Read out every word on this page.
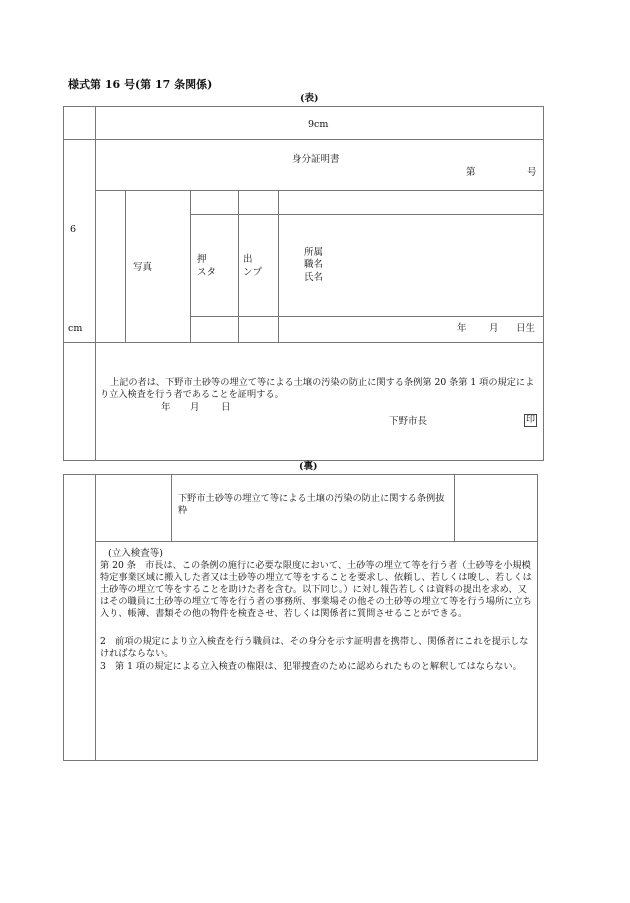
様式第 16 号(第 17 条関係)
(表)
9cm
6
cm
身分証明書
第	号
写真
押
スタ
出
ンプ
所属
職名
氏名
年 月 日生
上記の者は、下野市土砂等の埋立て等による土壌の汚染の防止に関する条例第 20 条第 1 項の規定により立入検査を行う者であることを証明する。
年 月 日
下野市長	印
(裏)
下野市土砂等の埋立て等による土壌の汚染の防止に関する条例抜粋
(立入検査等)
第 20 条　市長は、この条例の施行に必要な限度において、土砂等の埋立て等を行う者（土砂等を小規模特定事業区域に搬入した者又は土砂等の埋立て等をすることを要求し、依頼し、若しくは唆し、若しくは土砂等の埋立て等をすることを助けた者を含む。以下同じ。）に対し報告若しくは資料の提出を求め、又はその職員に土砂等の埋立て等を行う者の事務所、事業場その他その土砂等の埋立て等を行う場所に立ち入り、帳簿、書類その他の物件を検査させ、若しくは関係者に質問させることができる。
2　前項の規定により立入検査を行う職員は、その身分を示す証明書を携帯し、関係者にこれを提示しなければならない。
3　第 1 項の規定による立入検査の権限は、犯罪捜査のために認められたものと解釈してはならない。
